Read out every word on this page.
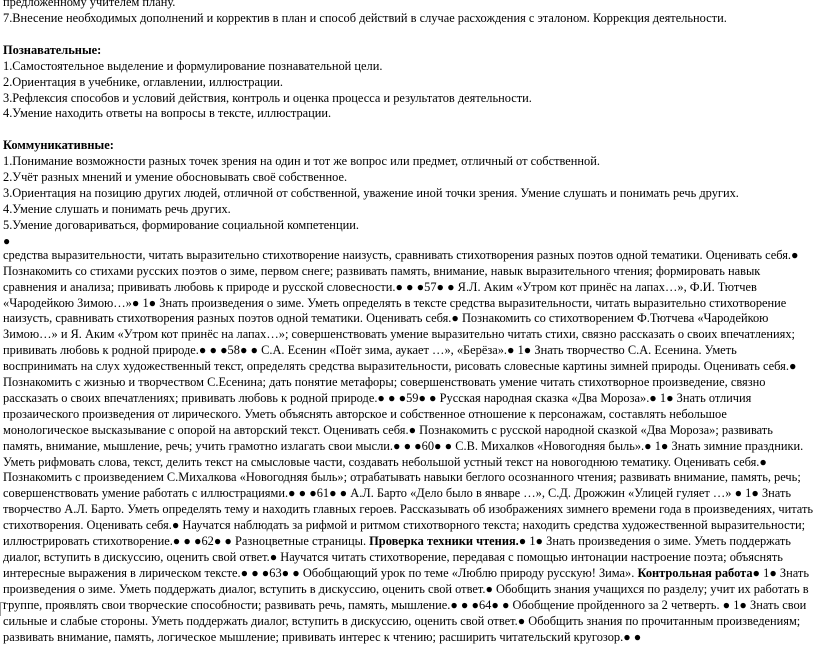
предложенному учителем плану.

7.Внесение необходимых дополнений и корректив в план и способ действий в случае расхождения с эталоном. Коррекция деятельности.

Познавательные:

1.Самостоятельное выделение и формулирование познавательной цели.

2.Ориентация в учебнике, оглавлении, иллюстрации.

3.Рефлексия способов и условий действия, контроль и оценка процесса и результатов деятельности.

4.Умение находить ответы на вопросы в тексте, иллюстрации.

Коммуникативные:

1.Понимание возможности разных точек зрения на один и тот же вопрос или предмет, отличный от собственной.

2.Учёт разных мнений и умение обосновывать своё собственное.

3.Ориентация на позицию других людей, отличной от собственной, уважение иной точки зрения. Умение слушать и понимать речь других.

4.Умение слушать и понимать речь других.

5.Умение договариваться, формирование социальной компетенции.

●

средства выразительности, читать выразительно стихотворение наизусть, сравнивать стихотворения разных поэтов одной тематики. Оценивать себя.● Познакомить со стихами русских поэтов о зиме, первом снеге; развивать память, внимание, навык выразительного чтения; формировать навык сравнения и анализа; прививать любовь к природе и русской словесности.● ● ●57● ● Я.Л. Аким «Утром кот принёс на лапах…», Ф.И. Тютчев «Чародейкою Зимою…»● 1● Знать произведения о зиме. Уметь определять в тексте средства выразительности, читать выразительно стихотворение наизусть, сравнивать стихотворения разных поэтов одной тематики. Оценивать себя.● Познакомить со стихотворением Ф.Тютчева «Чародейкою Зимою…» и Я. Аким «Утром кот принёс на лапах…»; совершенствовать умение выразительно читать стихи, связно рассказать о своих впечатлениях; прививать любовь к родной природе.● ● ●58● ● С.А. Есенин «Поёт зима, аукает …», «Берёза».● 1● Знать творчество С.А. Есенина. Уметь воспринимать на слух художественный текст, определять средства выразительности, рисовать словесные картины зимней природы. Оценивать себя.● Познакомить с жизнью и творчеством С.Есенина; дать понятие метафоры; совершенствовать умение читать стихотворное произведение, связно рассказать о своих впечатлениях; прививать любовь к родной природе.● ● ●59● ● Русская народная сказка «Два Мороза».● 1● Знать отличия прозаического произведения от лирического. Уметь объяснять авторское и собственное отношение к персонажам, составлять небольшое монологическое высказывание с опорой на авторский текст. Оценивать себя.● Познакомить с русской народной сказкой «Два Мороза»; развивать память, внимание, мышление, речь; учить грамотно излагать свои мысли.● ● ●60● ● С.В. Михалков «Новогодняя быль».● 1● Знать зимние праздники. Уметь рифмовать слова, текст, делить текст на смысловые части, создавать небольшой устный текст на новогоднюю тематику. Оценивать себя.● Познакомить с произведением С.Михалкова «Новогодняя быль»; отрабатывать навыки беглого осознанного чтения; развивать внимание, память, речь; совершенствовать умение работать с иллюстрациями.● ● ●61● ● А.Л. Барто «Дело было в январе …», С.Д. Дрожжин «Улицей гуляет …» ● 1● Знать творчество А.Л. Барто. Уметь определять тему и находить главных героев. Рассказывать об изображениях зимнего времени года в произведениях, читать стихотворения. Оценивать себя.● Научатся наблюдать за рифмой и ритмом стихотворного текста; находить средства художественной выразительности; иллюстрировать стихотворение.● ● ●62● ● Разноцветные страницы. Проверка техники чтения.● 1● Знать произведения о зиме. Уметь поддержать диалог, вступить в дискуссию, оценить свой ответ.● Научатся читать стихотворение, передавая с помощью интонации настроение поэта; объяснять интересные выражения в лирическом тексте.● ● ●63● ● Обобщающий урок по теме «Люблю природу русскую! Зима». Контрольная работа● 1● Знать произведения о зиме. Уметь поддержать диалог, вступить в дискуссию, оценить свой ответ.● Обобщить знания учащихся по разделу; учит их работать в группе, проявлять свои творческие способности; развивать речь, память, мышление.● ● ●64● ● Обобщение пройденного за 2 четверть. ● 1● Знать свои сильные и слабые стороны. Уметь поддержать диалог, вступить в дискуссию, оценить свой ответ.● Обобщить знания по прочитанным произведениям; развивать внимание, память, логическое мышление; прививать интерес к чтению; расширить читательский кругозор.● ●
